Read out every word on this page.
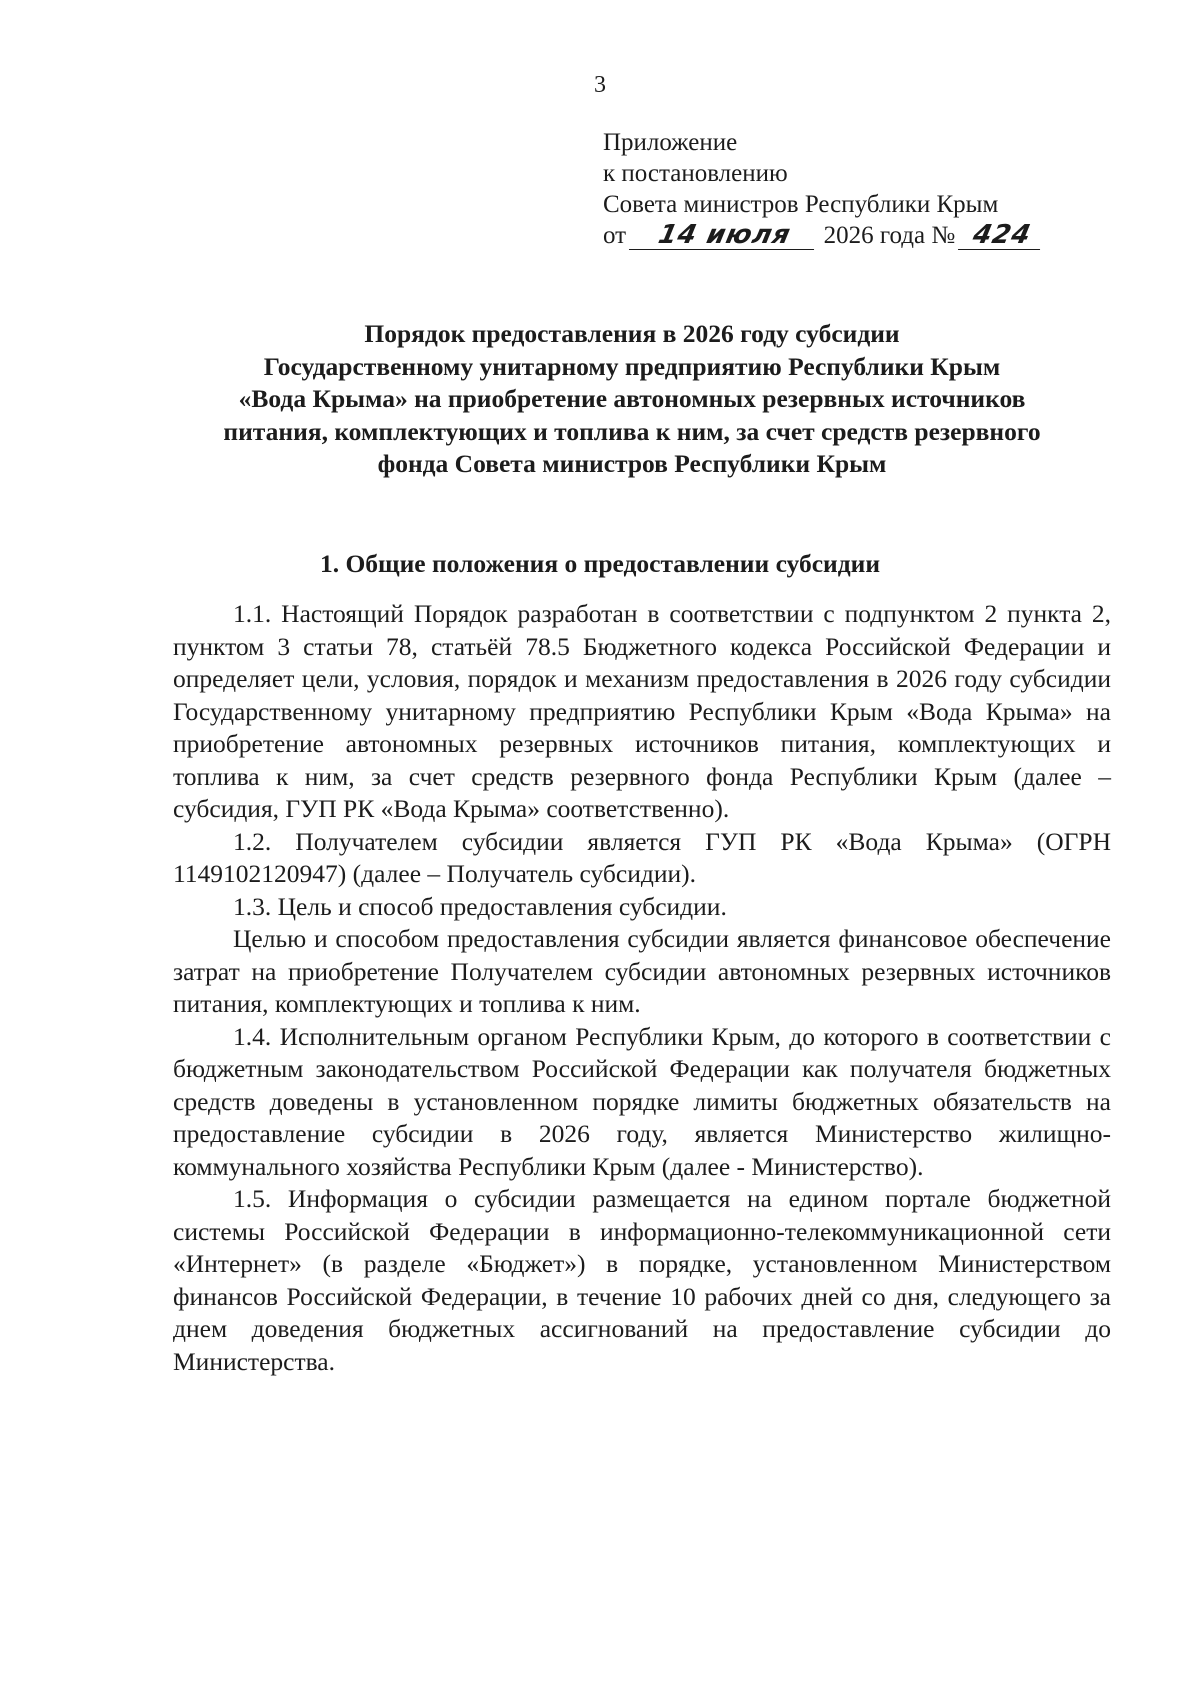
3
Приложение
к постановлению
Совета министров Республики Крым
от 14 июля 2026 года № 424
Порядок предоставления в 2026 году субсидии
Государственному унитарному предприятию Республики Крым
«Вода Крыма» на приобретение автономных резервных источников
питания, комплектующих и топлива к ним, за счет средств резервного
фонда Совета министров Республики Крым
1. Общие положения о предоставлении субсидии

1.1. Настоящий Порядок разработан в соответствии с подпунктом 2 пункта 2, пунктом 3 статьи 78, статьёй 78.5 Бюджетного кодекса Российской Федерации и определяет цели, условия, порядок и механизм предоставления в 2026 году субсидии Государственному унитарному предприятию Республики Крым «Вода Крыма» на приобретение автономных резервных источников питания, комплектующих и топлива к ним, за счет средств резервного фонда Республики Крым (далее – субсидия, ГУП РК «Вода Крыма» соответственно).

1.2. Получателем субсидии является ГУП РК «Вода Крыма» (ОГРН 1149102120947) (далее – Получатель субсидии).

1.3. Цель и способ предоставления субсидии.

Целью и способом предоставления субсидии является финансовое обеспечение затрат на приобретение Получателем субсидии автономных резервных источников питания, комплектующих и топлива к ним.

1.4. Исполнительным органом Республики Крым, до которого в соответствии с бюджетным законодательством Российской Федерации как получателя бюджетных средств доведены в установленном порядке лимиты бюджетных обязательств на предоставление субсидии в 2026 году, является Министерство жилищно-коммунального хозяйства Республики Крым (далее - Министерство).

1.5. Информация о субсидии размещается на едином портале бюджетной системы Российской Федерации в информационно-телекоммуникационной сети «Интернет» (в разделе «Бюджет») в порядке, установленном Министерством финансов Российской Федерации, в течение 10 рабочих дней со дня, следующего за днем доведения бюджетных ассигнований на предоставление субсидии до Министерства.
